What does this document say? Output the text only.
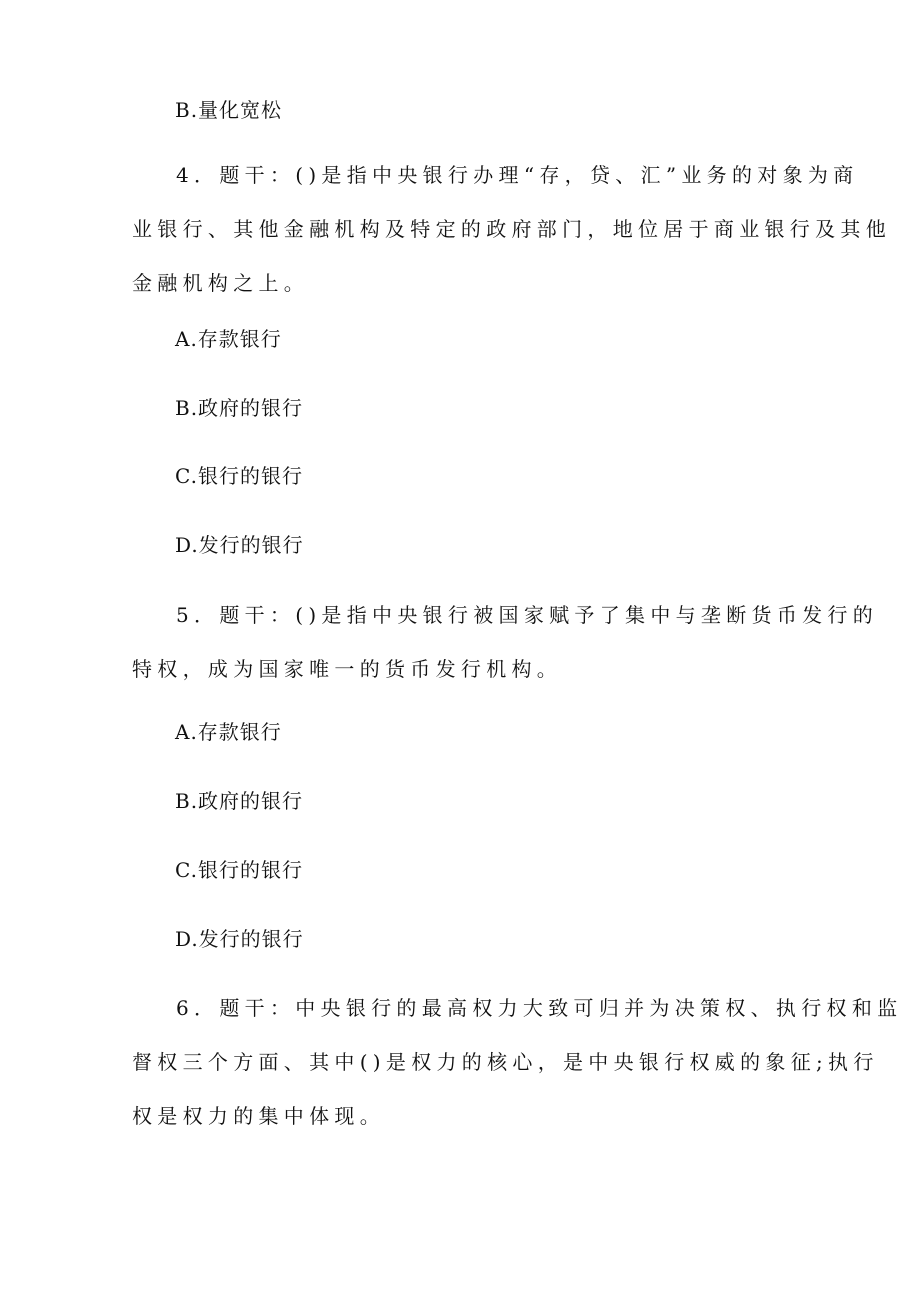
B.量化宽松
4．题干：()是指中央银行办理“存，贷、汇”业务的对象为商
业银行、其他金融机构及特定的政府部门，地位居于商业银行及其他
金融机构之上。
A.存款银行
B.政府的银行
C.银行的银行
D.发行的银行
5．题干：()是指中央银行被国家赋予了集中与垄断货币发行的
特权，成为国家唯一的货币发行机构。
A.存款银行
B.政府的银行
C.银行的银行
D.发行的银行
6．题干：中央银行的最高权力大致可归并为决策权、执行权和监
督权三个方面、其中()是权力的核心，是中央银行权威的象征;执行
权是权力的集中体现。
